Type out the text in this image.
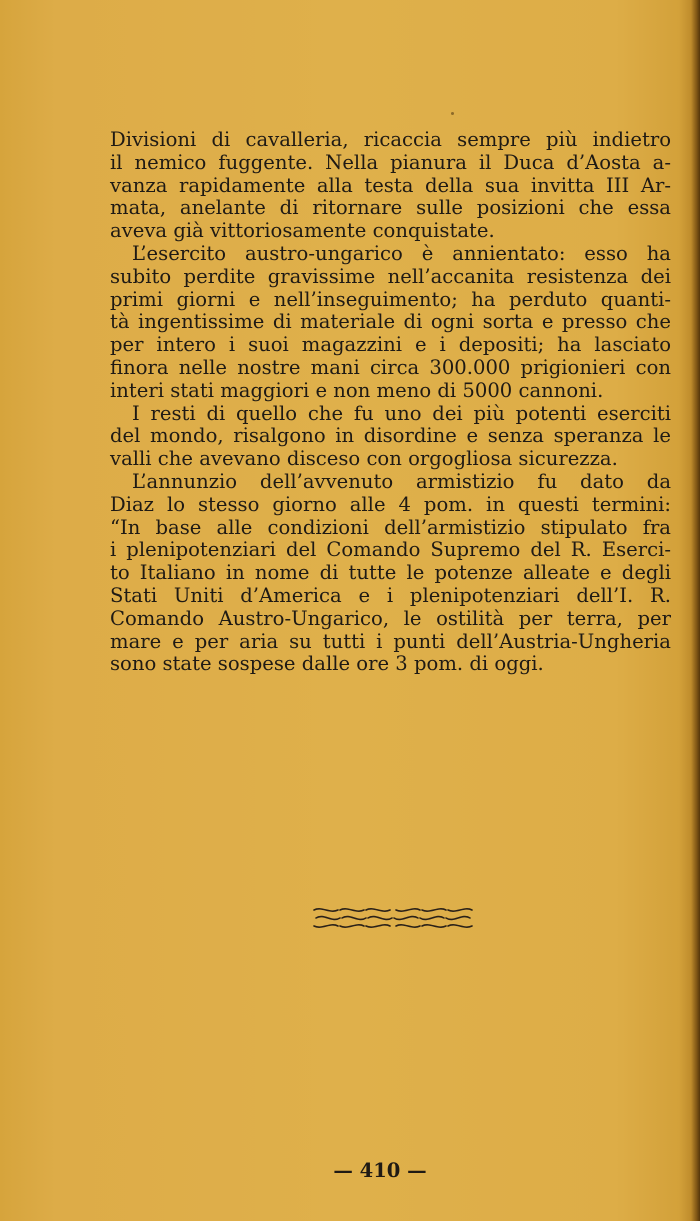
Divisioni di cavalleria, ricaccia sempre più indietro
il nemico fuggente. Nella pianura il Duca d’Aosta a-
vanza rapidamente alla testa della sua invitta III Ar-
mata, anelante di ritornare sulle posizioni che essa
aveva già vittoriosamente conquistate.
L’esercito austro-ungarico è annientato: esso ha
subito perdite gravissime nell’accanita resistenza dei
primi giorni e nell’inseguimento; ha perduto quanti-
tà ingentissime di materiale di ogni sorta e presso che
per intero i suoi magazzini e i depositi; ha lasciato
finora nelle nostre mani circa 300.000 prigionieri con
interi stati maggiori e non meno di 5000 cannoni.
I resti di quello che fu uno dei più potenti eserciti
del mondo, risalgono in disordine e senza speranza le
valli che avevano disceso con orgogliosa sicurezza.
L’annunzio dell’avvenuto armistizio fu dato da
Diaz lo stesso giorno alle 4 pom. in questi termini:
“In base alle condizioni dell’armistizio stipulato fra
i plenipotenziari del Comando Supremo del R. Eserci-
to Italiano in nome di tutte le potenze alleate e degli
Stati Uniti d’America e i plenipotenziari dell’I. R.
Comando Austro-Ungarico, le ostilità per terra, per
mare e per aria su tutti i punti dell’Austria-Ungheria
sono state sospese dalle ore 3 pom. di oggi.
— 410 —
